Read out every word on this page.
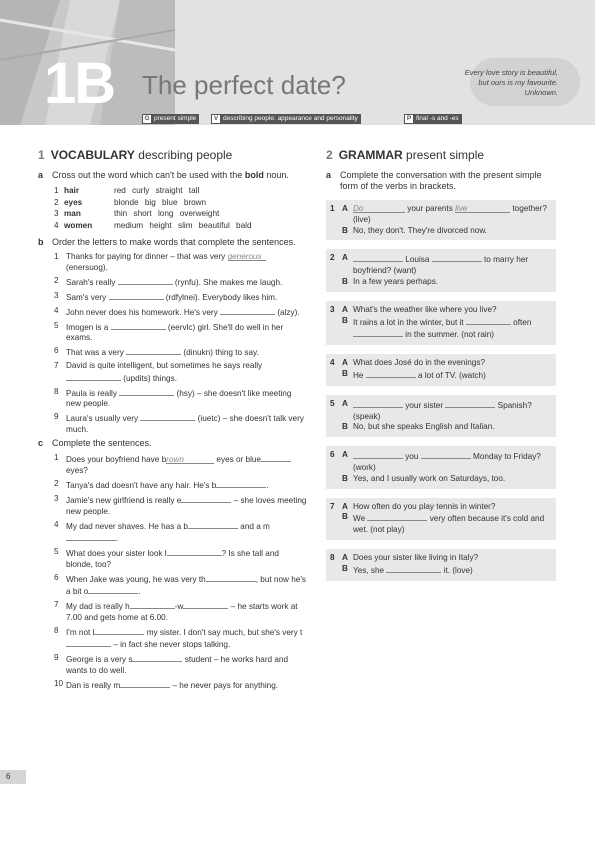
1B The perfect date?	Every love story is beautiful,
but ours is my favourite.
Unknown.
G present simple	V describing people: appearance and personality	P final -s and -es
1 VOCABULARY describing people
a Cross out the word which can't be used with the bold noun.
1 hair	red curly straight tall
2 eyes	blonde big blue brown
3 man	thin short long overweight
4 women	medium height slim beautiful bald
b Order the letters to make words that complete the sentences.
1 Thanks for paying for dinner – that was very generous (enersuog).
2 Sarah's really	(rynfu). She makes me laugh.
3 Sam's very	(rdfylnei). Everybody likes him.
4 John never does his homework. He's very	(alzy).
5 Imogen is a	(eervlc) girl. She'll do well in her exams.
6 That was a very	(dinukn) thing to say.
7 David is quite intelligent, but sometimes he says really  (updits) things.
8 Paula is really	(hsy) – she doesn't like meeting new people.
9 Laura's usually very	(iuetc) – she doesn't talk very much.
c Complete the sentences.
1 Does your boyfriend have brown	eyes or blue eyes?
2 Tanya's dad doesn't have any hair. He's b	.
3 Jamie's new girlfriend is really e	– she loves meeting new people.
4 My dad never shaves. He has a b	and a m.
5 What does your sister look l	? Is she tall and blonde, too?
6 When Jake was young, he was very th	, but now he's a bit o	.
7 My dad is really h	-w	– he starts work at 7.00 and gets home at 6.00.
8 I'm not l	my sister. I don't say much, but she's very t – in fact she never stops talking.
9 George is a very s	student – he works hard and wants to do well.
10 Dan is really m	– he never pays for anything.
2 GRAMMAR present simple
a Complete the conversation with the present simple form of the verbs in brackets.
1 A Do	your parents live	together? (live)
B No, they don't. They're divorced now.
2 A	Louisa	to marry her boyfriend? (want)
B In a few years perhaps.
3 A What's the weather like where you live?
B It rains a lot in the winter, but it	often  in the summer. (not rain)
4 A What does José do in the evenings?
B He	a lot of TV. (watch)
5 A	your sister	Spanish? (speak)
B No, but she speaks English and Italian.
6 A	you	Monday to Friday? (work)
B Yes, and I usually work on Saturdays, too.
7 A How often do you play tennis in winter?
B We	very often because it's cold and wet. (not play)
8 A Does your sister like living in Italy?
B Yes, she	it. (love)
6
